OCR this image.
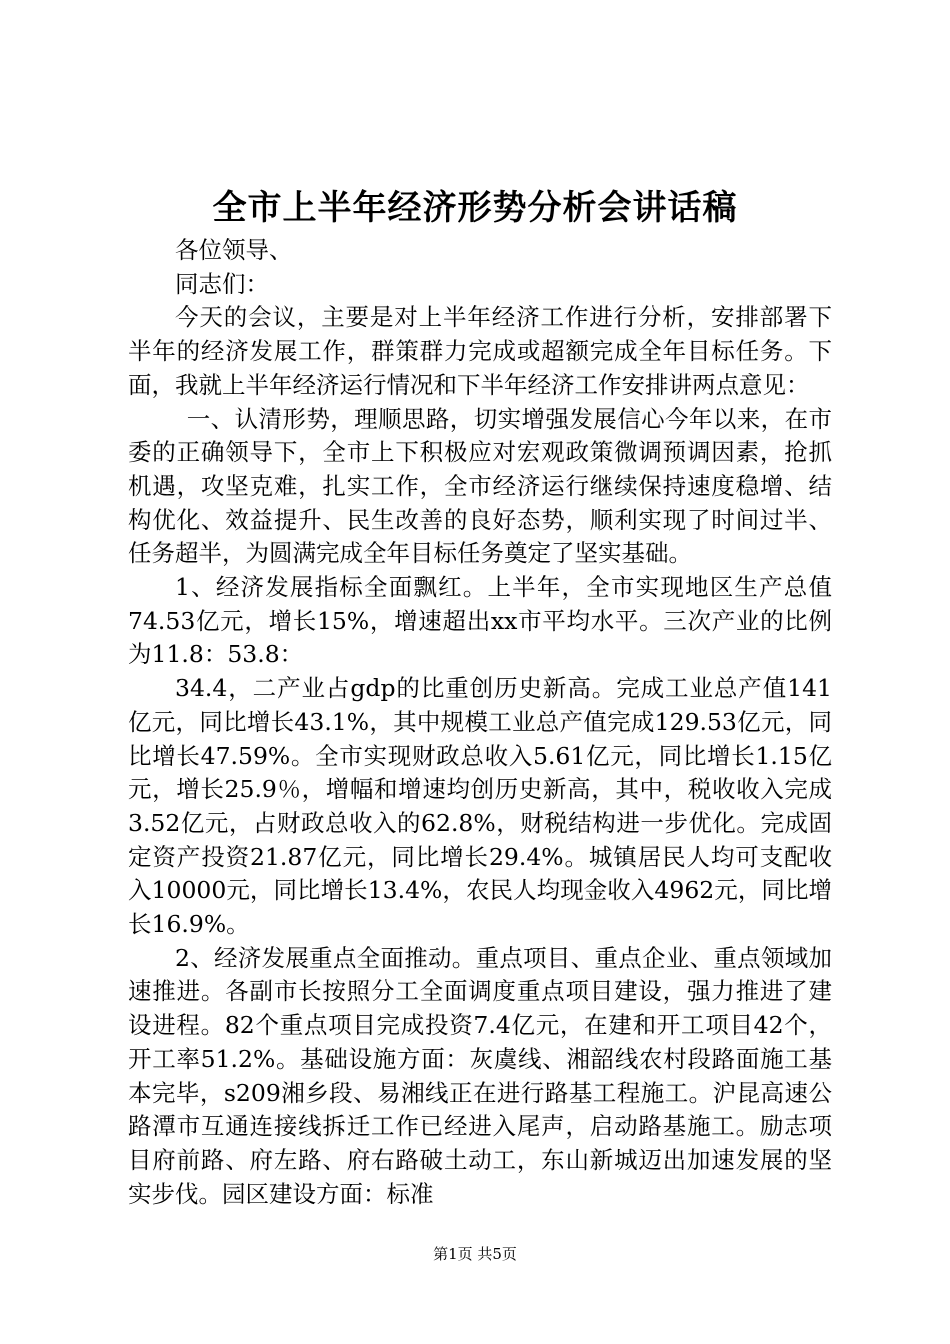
全市上半年经济形势分析会讲话稿

各位领导、

同志们：

今天的会议，主要是对上半年经济工作进行分析，安排部署下半年的经济发展工作，群策群力完成或超额完成全年目标任务。下面，我就上半年经济运行情况和下半年经济工作安排讲两点意见：

一、认清形势，理顺思路，切实增强发展信心今年以来，在市委的正确领导下，全市上下积极应对宏观政策微调预调因素，抢抓机遇，攻坚克难，扎实工作，全市经济运行继续保持速度稳增、结构优化、效益提升、民生改善的良好态势，顺利实现了时间过半、任务超半，为圆满完成全年目标任务奠定了坚实基础。

1、经济发展指标全面飘红。上半年，全市实现地区生产总值74.53亿元，增长15%，增速超出xx市平均水平。三次产业的比例为11.8：53.8：

34.4，二产业占gdp的比重创历史新高。完成工业总产值141亿元，同比增长43.1%，其中规模工业总产值完成129.53亿元，同比增长47.59%。全市实现财政总收入5.61亿元，同比增长1.15亿元，增长25.9％，增幅和增速均创历史新高，其中，税收收入完成3.52亿元，占财政总收入的62.8%，财税结构进一步优化。完成固定资产投资21.87亿元，同比增长29.4%。城镇居民人均可支配收入10000元，同比增长13.4%，农民人均现金收入4962元，同比增长16.9%。

2、经济发展重点全面推动。重点项目、重点企业、重点领域加速推进。各副市长按照分工全面调度重点项目建设，强力推进了建设进程。82个重点项目完成投资7.4亿元，在建和开工项目42个，开工率51.2%。基础设施方面：灰虞线、湘韶线农村段路面施工基本完毕，s209湘乡段、易湘线正在进行路基工程施工。沪昆高速公路潭市互通连接线拆迁工作已经进入尾声，启动路基施工。励志项目府前路、府左路、府右路破土动工，东山新城迈出加速发展的坚实步伐。园区建设方面：标准

第1页 共5页
